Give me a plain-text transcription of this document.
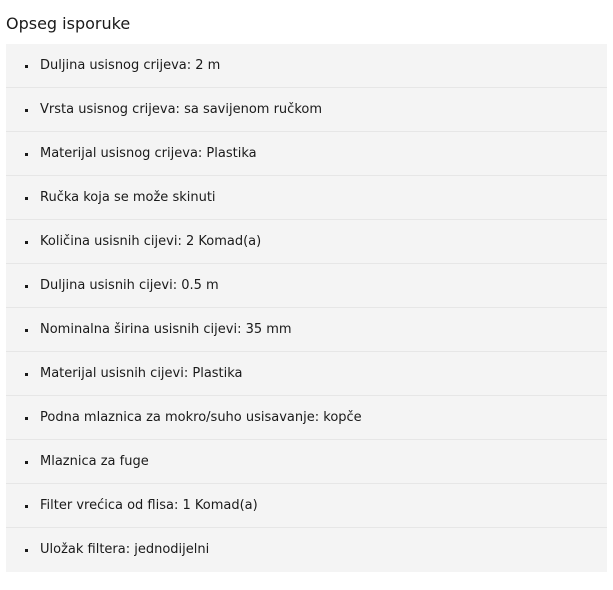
Opseg isporuke
Duljina usisnog crijeva: 2 m
Vrsta usisnog crijeva: sa savijenom ručkom
Materijal usisnog crijeva: Plastika
Ručka koja se može skinuti
Količina usisnih cijevi: 2 Komad(a)
Duljina usisnih cijevi: 0.5 m
Nominalna širina usisnih cijevi: 35 mm
Materijal usisnih cijevi: Plastika
Podna mlaznica za mokro/suho usisavanje: kopče
Mlaznica za fuge
Filter vrećica od flisa: 1 Komad(a)
Uložak filtera: jednodijelni
